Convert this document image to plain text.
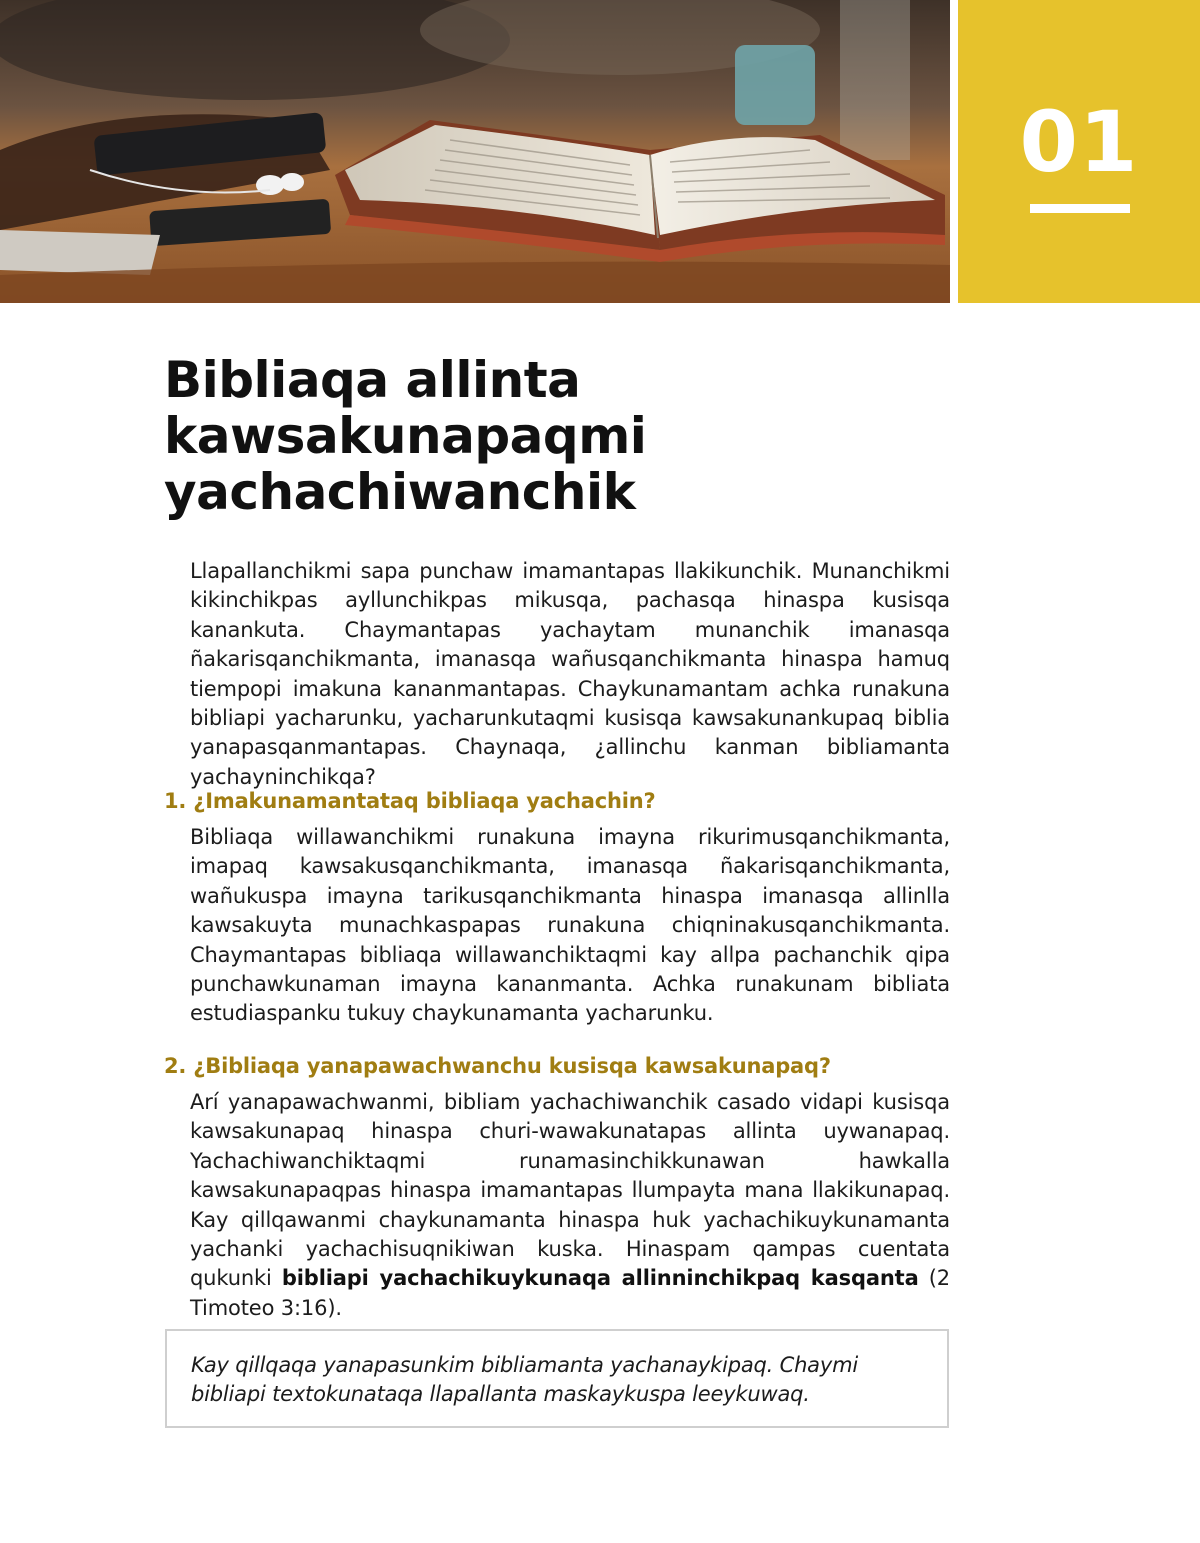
01
Bibliaqa allinta kawsakunapaqmi yachachiwanchik

Llapallanchikmi sapa punchaw imamantapas llakikunchik. Munanchikmi kikinchikpas ayllunchikpas mikusqa, pachasqa hinaspa kusisqa kanankuta. Chaymantapas yachaytam munanchik imanasqa ñakarisqanchikmanta, imanasqa wañusqanchikmanta hinaspa hamuq tiempopi imakuna kananmantapas. Chaykunamantam achka runakuna bibliapi yacharunku, yacharunkutaqmi kusisqa kawsakunankupaq biblia yanapasqanmantapas. Chaynaqa, ¿allinchu kanman bibliamanta yachayninchikqa?

1. ¿Imakunamantataq bibliaqa yachachin?

Bibliaqa willawanchikmi runakuna imayna rikurimusqanchikmanta, imapaq kawsakusqanchikmanta, imanasqa ñakarisqanchikmanta, wañukuspa imayna tarikusqanchikmanta hinaspa imanasqa allinlla kawsakuyta munachkaspapas runakuna chiqninakusqanchikmanta. Chaymantapas bibliaqa willawanchiktaqmi kay allpa pachanchik qipa punchawkunaman imayna kananmanta. Achka runakunam bibliata estudiaspanku tukuy chaykunamanta yacharunku.

2. ¿Bibliaqa yanapawachwanchu kusisqa kawsakunapaq?

Arí yanapawachwanmi, bibliam yachachiwanchik casado vidapi kusisqa kawsakunapaq hinaspa churi-wawakunatapas allinta uywanapaq. Yachachiwanchiktaqmi runamasinchikkunawan hawkalla kawsakunapaqpas hinaspa imamantapas llumpayta mana llakikunapaq. Kay qillqawanmi chaykunamanta hinaspa huk yachachikuykunamanta yachanki yachachisuqnikiwan kuska. Hinaspam qampas cuentata qukunki bibliapi yachachikuykunaqa allinninchikpaq kasqanta (2 Timoteo 3:16).

Kay qillqaqa yanapasunkim bibliamanta yachanaykipaq. Chaymi bibliapi textokunataqa llapallanta maskaykuspa leeykuwaq.
